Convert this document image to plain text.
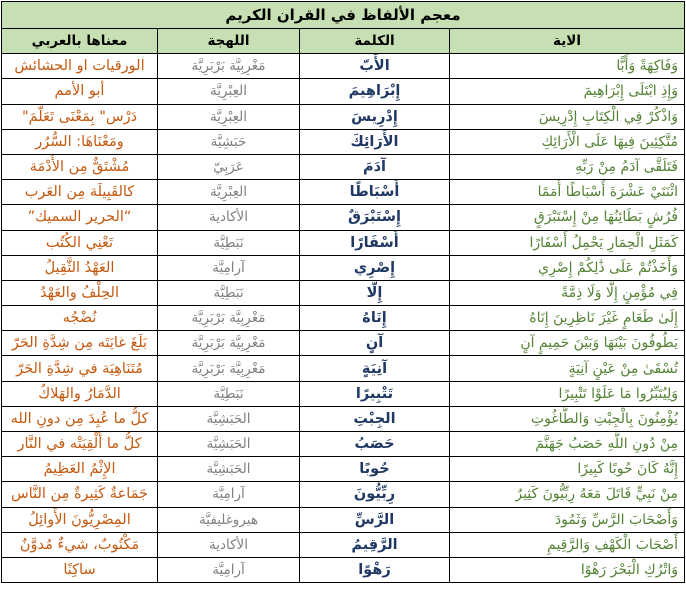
معجم الألفاظ في القران الكريم			
الاية	الكلمة	اللهجة	معناها بالعربي
وَفَاكِهَةً وَأَبًّا	الأَبّ	مَغْرِبِيَّة بَرْبَرِيَّة	الورقيات او الحشائش
وَإِذِ ابْتَلَى إِبْرَاهِيمَ	إِبْرَاهِيمَ	العِبْرِيَّة	أبو الأمم
وَاذْكُرْ فِي الْكِتَابِ إِدْرِيسَ	إِدْرِيسَ	العِبْرِيَّة	دَرْس" بِمَعْنَى تَعَلَّمَ"
مُتَّكِئِينَ فِيهَا عَلَى الْأَرَائِكِ	الأَرَائِكَ	حَبَشِيَّة	ومَعْنَاهَا: السُّرُر
فَتَلَقَّى آدَمُ مِنْ رَبِّهِ	آدَمَ	عَرَبِيّ	مُشْتَقٌّ مِن الأُدْمَة
اثْنَتَيْ عَشْرَةَ أَسْبَاطًا أُمَمًا	أَسْبَاطًا	العِبْرِيَّة	كالقَبِيلَة مِن العَرب
فُرُشٍ بَطَائِنُهَا مِنْ إِسْتَبْرَقٍ	إِسْتَبْرَقٌ	الأكادية	“الحرير السميك”
كَمَثَلِ الْحِمَارِ يَحْمِلُ أَسْفَارًا	أَسْفَارًا	نَبَطِيَّة	تَعْنِي الكُتُب
وَأَخَذْتُمْ عَلَى ذَٰلِكُمْ إِصْرِي	إِصْرِي	آرامِيَّة	العَهْدُ الثَّقِيلُ
فِي مُؤْمِنٍ إِلًّا وَلَا ذِمَّةً	إِلًّا	نَبَطِيَّة	الحِلْفُ والعَهْدُ
إِلَىٰ طَعَامٍ غَيْرَ نَاظِرِينَ إِنَاهُ	إِنَاهُ	مَغْرِبِيَّة بَرْبَرِيَّة	نُضْجُه
يَطُوفُونَ بَيْنَهَا وَبَيْنَ حَمِيمٍ آنٍ	آنٍ	مَغْرِبِيَّة بَرْبَرِيَّة	بَلَغَ غايَتَه مِن شِدَّةِ الحَرّ
تُسْقَىٰ مِنْ عَيْنٍ آنِيَةٍ	آنِيَةٍ	مَغْرِبِيَّة بَرْبَرِيَّة	مُتَنَاهِيَة في شِدَّةِ الحَرّ
وَلِيُتَبِّرُوا مَا عَلَوْا تَتْبِيرًا	تَتْبِيرًا	نَبَطِيَّة	الدَّمَارُ والهَلاكُ
يُؤْمِنُونَ بِالْجِبْتِ وَالطَّاغُوتِ	الجِبْتِ	الحَبَشِيَّة	كلُّ ما عُبِدَ مِن دونِ الله
مِنْ دُونِ اللَّهِ حَصَبُ جَهَنَّمَ	حَصَبُ	الحَبَشِيَّة	كلُّ ما أُلْقِيَتْه في النَّار
إِنَّهُ كَانَ حُوبًا كَبِيرًا	حُوبًا	الحَبَشِيَّة	الإِثْمُ العَظِيمُ
مِنْ نَبِيٍّ قَاتَلَ مَعَهُ رِبِّيُّونَ كَثِيرٌ	رِبِّيُّونَ	آرامِيَّة	جَمَاعةٌ كَثِيرةٌ مِن النَّاس
وَأَصْحَابَ الرَّسِّ وَثَمُودَ	الرَّسِّ	هيروغليفيَّة	المِصْرِيُّونَ الأَوائِلُ
أَصْحَابَ الْكَهْفِ وَالرَّقِيمِ	الرَّقِيمُ	الأكادية	مَكْتُوبٌ، شيءٌ مُدوَّنٌ
وَاتْرُكِ الْبَحْرَ رَهْوًا	رَهْوًا	آرامِيَّة	ساكِنًا
